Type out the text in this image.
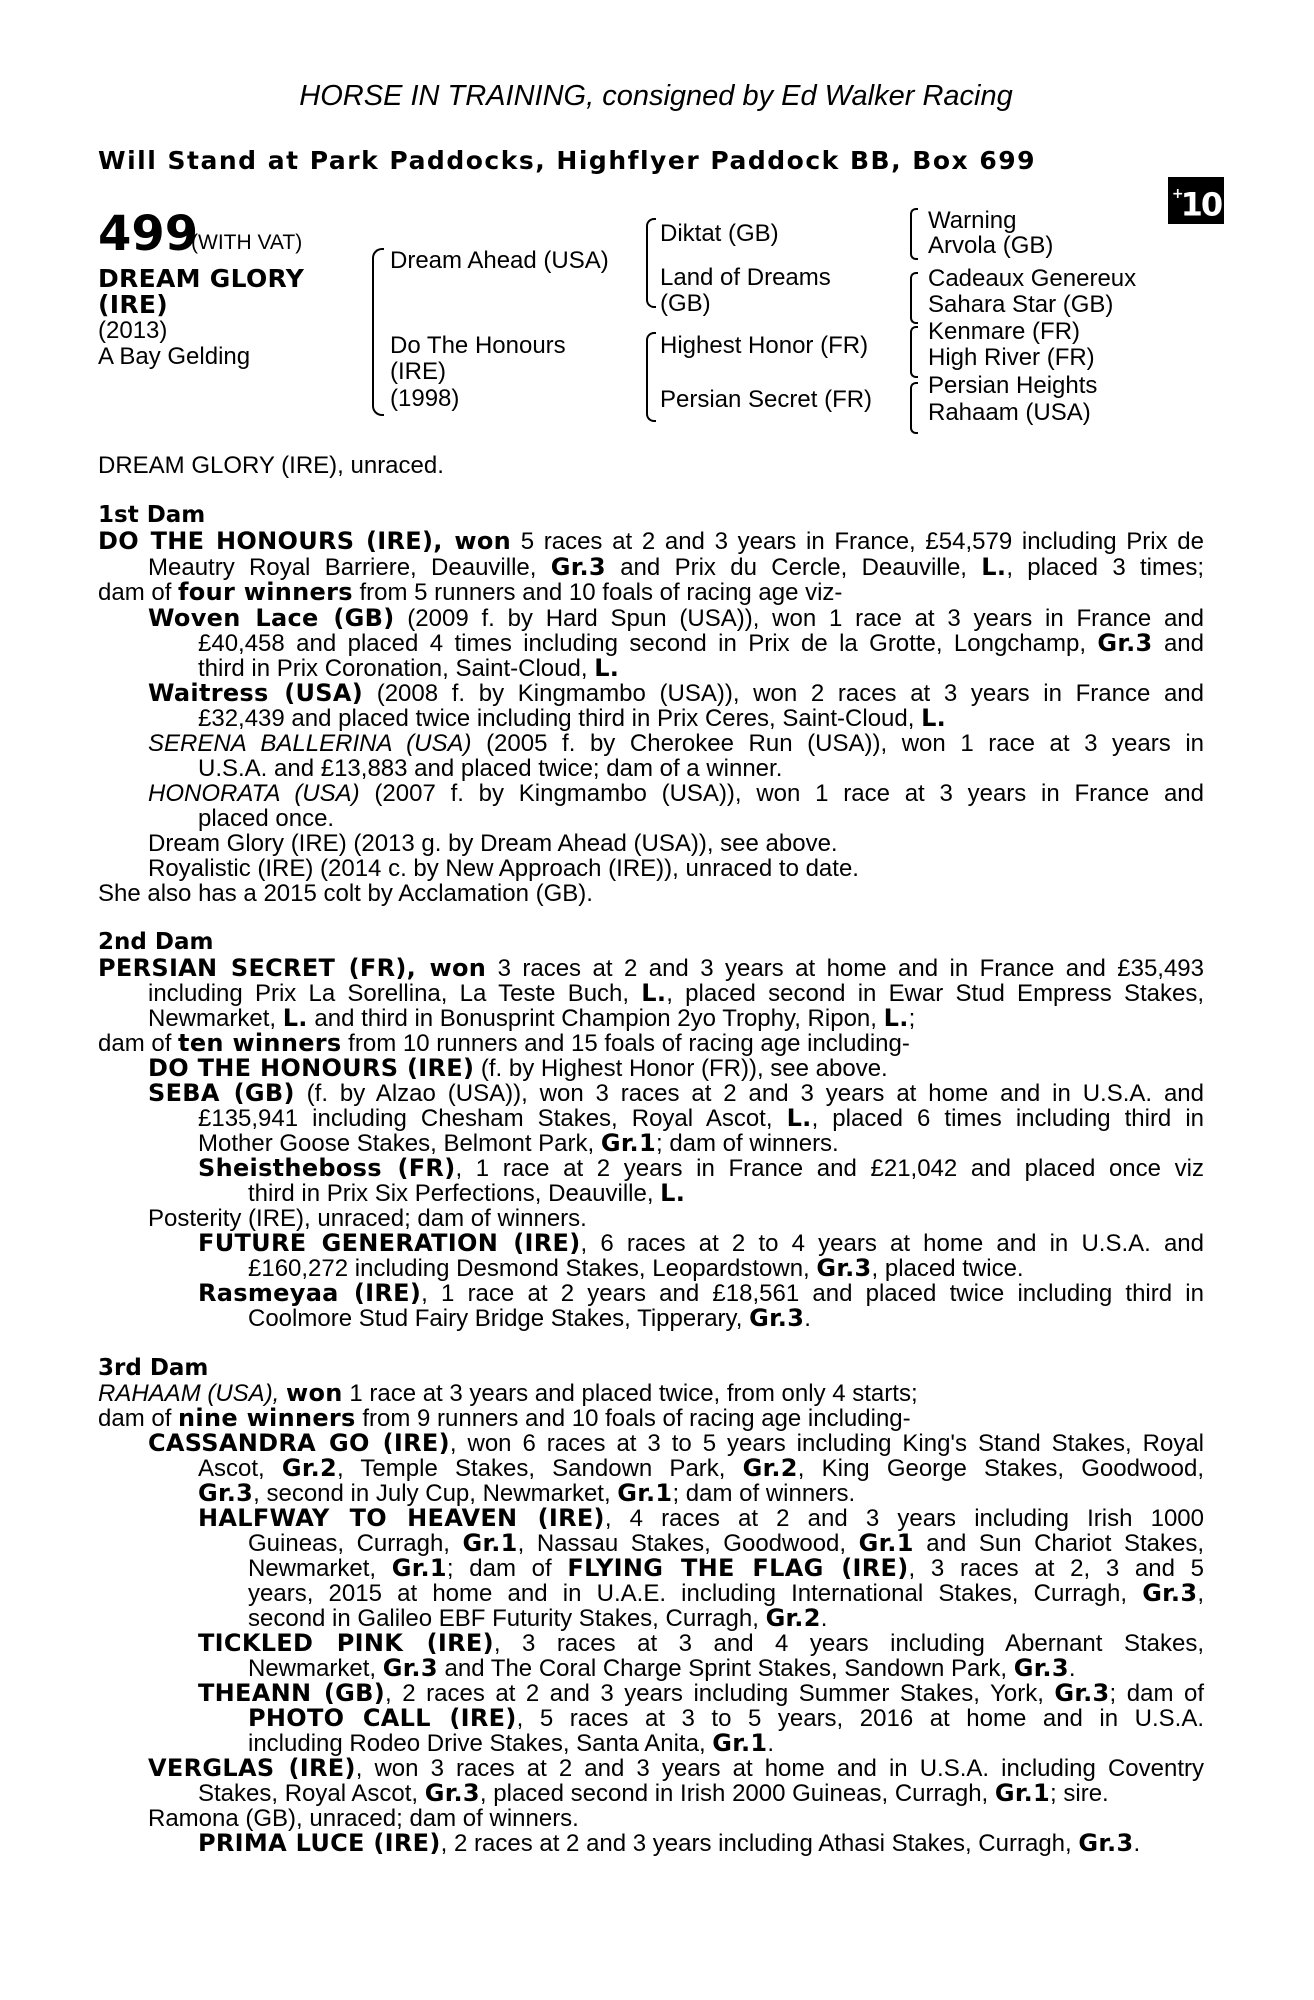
HORSE IN TRAINING, consigned by Ed Walker Racing
Will Stand at Park Paddocks, Highflyer Paddock BB, Box 699
+10
499
(WITH VAT)
DREAM GLORY
(IRE)
(2013)
A Bay Gelding
Dream Ahead (USA)
Do The Honours
(IRE)
(1998)
Diktat (GB)
Land of Dreams
(GB)
Highest Honor (FR)
Persian Secret (FR)
Warning
Arvola (GB)
Cadeaux Genereux
Sahara Star (GB)
Kenmare (FR)
High River (FR)
Persian Heights
Rahaam (USA)
DREAM GLORY (IRE), unraced.
1st Dam
DO THE HONOURS (IRE), won 5 races at 2 and 3 years in France, £54,579 including Prix de
Meautry Royal Barriere, Deauville, Gr.3 and Prix du Cercle, Deauville, L., placed 3 times;
dam of four winners from 5 runners and 10 foals of racing age viz-
Woven Lace (GB) (2009 f. by Hard Spun (USA)), won 1 race at 3 years in France and
£40,458 and placed 4 times including second in Prix de la Grotte, Longchamp, Gr.3 and
third in Prix Coronation, Saint-Cloud, L.
Waitress (USA) (2008 f. by Kingmambo (USA)), won 2 races at 3 years in France and
£32,439 and placed twice including third in Prix Ceres, Saint-Cloud, L.
SERENA BALLERINA (USA) (2005 f. by Cherokee Run (USA)), won 1 race at 3 years in
U.S.A. and £13,883 and placed twice; dam of a winner.
HONORATA (USA) (2007 f. by Kingmambo (USA)), won 1 race at 3 years in France and
placed once.
Dream Glory (IRE) (2013 g. by Dream Ahead (USA)), see above.
Royalistic (IRE) (2014 c. by New Approach (IRE)), unraced to date.
She also has a 2015 colt by Acclamation (GB).
2nd Dam
PERSIAN SECRET (FR), won 3 races at 2 and 3 years at home and in France and £35,493
including Prix La Sorellina, La Teste Buch, L., placed second in Ewar Stud Empress Stakes,
Newmarket, L. and third in Bonusprint Champion 2yo Trophy, Ripon, L.;
dam of ten winners from 10 runners and 15 foals of racing age including-
DO THE HONOURS (IRE) (f. by Highest Honor (FR)), see above.
SEBA (GB) (f. by Alzao (USA)), won 3 races at 2 and 3 years at home and in U.S.A. and
£135,941 including Chesham Stakes, Royal Ascot, L., placed 6 times including third in
Mother Goose Stakes, Belmont Park, Gr.1; dam of winners.
Sheistheboss (FR), 1 race at 2 years in France and £21,042 and placed once viz
third in Prix Six Perfections, Deauville, L.
Posterity (IRE), unraced; dam of winners.
FUTURE GENERATION (IRE), 6 races at 2 to 4 years at home and in U.S.A. and
£160,272 including Desmond Stakes, Leopardstown, Gr.3, placed twice.
Rasmeyaa (IRE), 1 race at 2 years and £18,561 and placed twice including third in
Coolmore Stud Fairy Bridge Stakes, Tipperary, Gr.3.
3rd Dam
RAHAAM (USA), won 1 race at 3 years and placed twice, from only 4 starts;
dam of nine winners from 9 runners and 10 foals of racing age including-
CASSANDRA GO (IRE), won 6 races at 3 to 5 years including King's Stand Stakes, Royal
Ascot, Gr.2, Temple Stakes, Sandown Park, Gr.2, King George Stakes, Goodwood,
Gr.3, second in July Cup, Newmarket, Gr.1; dam of winners.
HALFWAY TO HEAVEN (IRE), 4 races at 2 and 3 years including Irish 1000
Guineas, Curragh, Gr.1, Nassau Stakes, Goodwood, Gr.1 and Sun Chariot Stakes,
Newmarket, Gr.1; dam of FLYING THE FLAG (IRE), 3 races at 2, 3 and 5
years, 2015 at home and in U.A.E. including International Stakes, Curragh, Gr.3,
second in Galileo EBF Futurity Stakes, Curragh, Gr.2.
TICKLED PINK (IRE), 3 races at 3 and 4 years including Abernant Stakes,
Newmarket, Gr.3 and The Coral Charge Sprint Stakes, Sandown Park, Gr.3.
THEANN (GB), 2 races at 2 and 3 years including Summer Stakes, York, Gr.3; dam of
PHOTO CALL (IRE), 5 races at 3 to 5 years, 2016 at home and in U.S.A.
including Rodeo Drive Stakes, Santa Anita, Gr.1.
VERGLAS (IRE), won 3 races at 2 and 3 years at home and in U.S.A. including Coventry
Stakes, Royal Ascot, Gr.3, placed second in Irish 2000 Guineas, Curragh, Gr.1; sire.
Ramona (GB), unraced; dam of winners.
PRIMA LUCE (IRE), 2 races at 2 and 3 years including Athasi Stakes, Curragh, Gr.3.
